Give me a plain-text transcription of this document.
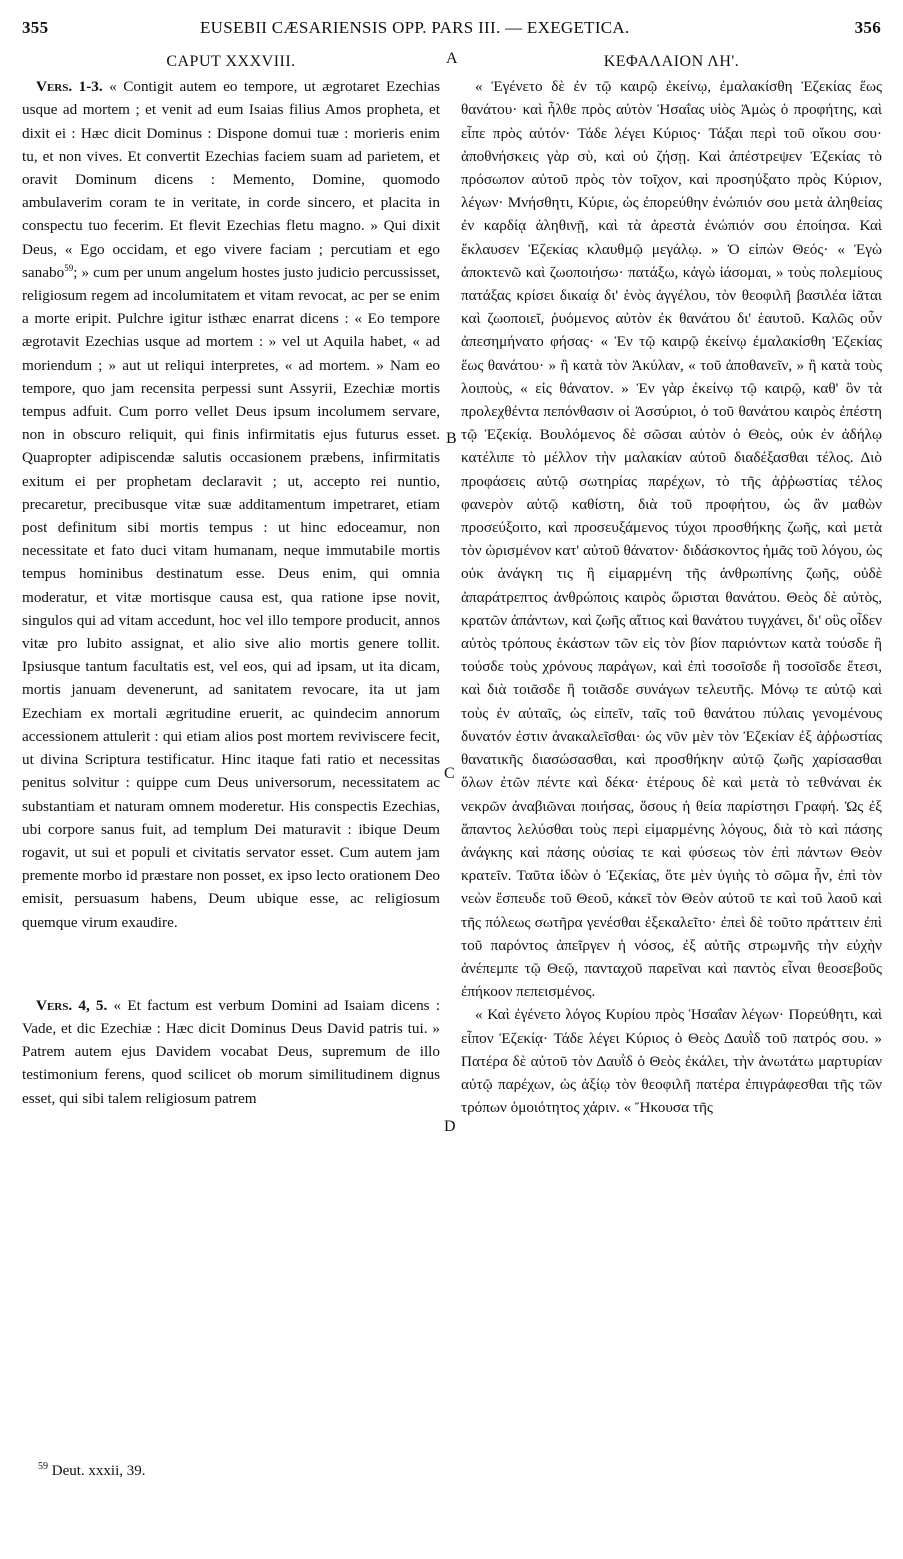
355	EUSEBII CÆSARIENSIS OPP. PARS III. — EXEGETICA.	356
CAPUT XXXVIII.

Vers. 1-3. « Contigit autem eo tempore, ut ægrotaret Ezechias usque ad mortem ; et venit ad eum Isaias filius Amos propheta, et dixit ei : Hæc dicit Dominus : Dispone domui tuæ : morieris enim tu, et non vives. Et convertit Ezechias faciem suam ad parietem, et oravit Dominum dicens : Memento, Domine, quomodo ambulaverim coram te in veritate, in corde sincero, et placita in conspectu tuo fecerim. Et flevit Ezechias fletu magno. » Qui dixit Deus, « Ego occidam, et ego vivere faciam ; percutiam et ego sanabo$^{59}$; » cum per unum angelum hostes justo judicio percussisset, religiosum regem ad incolumitatem et vitam revocat, ac per se enim a morte eripit. Pulchre igitur isthæc enarrat dicens : « Eo tempore ægrotavit Ezechias usque ad mortem : » vel ut Aquila habet, « ad moriendum ; » aut ut reliqui interpretes, « ad mortem. » Nam eo tempore, quo jam recensita perpessi sunt Assyrii, Ezechiæ mortis tempus adfuit. Cum porro vellet Deus ipsum incolumem servare, non in obscuro reliquit, qui finis infirmitatis ejus futurus esset. Quapropter adipiscendæ salutis occasionem præbens, infirmitatis exitum ei per prophetam declaravit ; ut, accepto rei nuntio, precaretur, precibusque vitæ suæ additamentum impetraret, etiam post definitum sibi mortis tempus : ut hinc edoceamur, non necessitate et fato duci vitam humanam, neque immutabile mortis tempus hominibus destinatum esse. Deus enim, qui omnia moderatur, et vitæ mortisque causa est, qua ratione ipse novit, singulos qui ad vitam accedunt, hoc vel illo tempore producit, annos vitæ pro lubito assignat, et alio sive alio mortis genere tollit. Ipsiusque tantum facultatis est, vel eos, qui ad ipsam, ut ita dicam, mortis januam devenerunt, ad sanitatem revocare, ita ut jam Ezechiam ex mortali ægritudine eruerit, ac quindecim annorum accessionem attulerit : qui etiam alios post mortem reviviscere fecit, ut divina Scriptura testificatur. Hinc itaque fati ratio et necessitas penitus solvitur : quippe cum Deus universorum, necessitatem ac substantiam et naturam omnem moderetur. His conspectis Ezechias, ubi corpore sanus fuit, ad templum Dei maturavit : ibique Deum rogavit, ut sui et populi et civitatis servator esset. Cum autem jam premente morbo id præstare non posset, ex ipso lecto orationem Deo emisit, persuasum habens, Deum ubique esse, ac religiosum quemque virum exaudire.

Vers. 4, 5. « Et factum est verbum Domini ad Isaiam dicens : Vade, et dic Ezechiæ : Hæc dicit Dominus Deus David patris tui. » Patrem autem ejus Davidem vocabat Deus, supremum de illo testimonium ferens, quod scilicet ob morum similitudinem dignus esset, qui sibi talem religiosum patrem

ΚΕΦΑΛΑΙΟΝ ΛΗ'.

« Ἐγένετο δὲ ἐν τῷ καιρῷ ἐκείνῳ, ἐμαλακίσθη Ἐζεκίας ἕως θανάτου· καὶ ἦλθε πρὸς αὐτὸν Ἡσαΐας υἱὸς Ἀμὼς ὁ προφήτης, καὶ εἶπε πρὸς αὐτόν· Τάδε λέγει Κύριος· Τάξαι περὶ τοῦ οἴκου σου· ἀποθνήσκεις γὰρ σὺ, καὶ οὐ ζήσῃ. Καὶ ἀπέστρεψεν Ἐζεκίας τὸ πρόσωπον αὐτοῦ πρὸς τὸν τοῖχον, καὶ προσηύξατο πρὸς Κύριον, λέγων· Μνήσθητι, Κύριε, ὡς ἐπορεύθην ἐνώπιόν σου μετὰ ἀληθείας ἐν καρδίᾳ ἀληθινῇ, καὶ τὰ ἀρεστὰ ἐνώπιόν σου ἐποίησα. Καὶ ἔκλαυσεν Ἐζεκίας κλαυθμῷ μεγάλῳ. » Ὁ εἰπὼν Θεός· « Ἐγὼ ἀποκτενῶ καὶ ζωοποιήσω· πατάξω, κἀγὼ ἰάσομαι, » τοὺς πολεμίους πατάξας κρίσει δικαίᾳ δι' ἑνὸς ἀγγέλου, τὸν θεοφιλῆ βασιλέα ἰᾶται καὶ ζωοποιεῖ, ῥυόμενος αὐτὸν ἐκ θανάτου δι' ἑαυτοῦ. Καλῶς οὖν ἀπεσημήνατο φήσας· « Ἐν τῷ καιρῷ ἐκείνῳ ἐμαλακίσθη Ἐζεκίας ἕως θανάτου· » ἢ κατὰ τὸν Ἀκύλαν, « τοῦ ἀποθανεῖν, » ἢ κατὰ τοὺς λοιποὺς, « εἰς θάνατον. » Ἐν γὰρ ἐκείνῳ τῷ καιρῷ, καθ' ὃν τὰ προλεχθέντα πεπόνθασιν οἱ Ἀσσύριοι, ὁ τοῦ θανάτου καιρὸς ἐπέστη τῷ Ἐζεκίᾳ. Βουλόμενος δὲ σῶσαι αὐτὸν ὁ Θεὸς, οὐκ ἐν ἀδήλῳ κατέλιπε τὸ μέλλον τὴν μαλακίαν αὐτοῦ διαδέξασθαι τέλος. Διὸ προφάσεις αὐτῷ σωτηρίας παρέχων, τὸ τῆς ἀῤῥωστίας τέλος φανερὸν αὐτῷ καθίστη, διὰ τοῦ προφήτου, ὡς ἂν μαθὼν προσεύξοιτο, καὶ προσευξάμενος τύχοι προσθήκης ζωῆς, καὶ μετὰ τὸν ὡρισμένον κατ' αὐτοῦ θάνατον· διδάσκοντος ἡμᾶς τοῦ λόγου, ὡς οὐκ ἀνάγκη τις ἢ εἱμαρμένη τῆς ἀνθρωπίνης ζωῆς, οὐδὲ ἀπαράτρεπτος ἀνθρώποις καιρὸς ὥρισται θανάτου. Θεὸς δὲ αὐτὸς, κρατῶν ἁπάντων, καὶ ζωῆς αἴτιος καὶ θανάτου τυγχάνει, δι' οὓς οἶδεν αὐτὸς τρόπους ἑκάστων τῶν εἰς τὸν βίον παριόντων κατὰ τούσδε ἢ τούσδε τοὺς χρόνους παράγων, καὶ ἐπὶ τοσοῖσδε ἢ τοσοῖσδε ἔτεσι, καὶ διὰ τοιᾶσδε ἢ τοιᾶσδε συνάγων τελευτῆς. Μόνῳ τε αὐτῷ καὶ τοὺς ἐν αὐταῖς, ὡς εἰπεῖν, ταῖς τοῦ θανάτου πύλαις γενομένους δυνατόν ἐστιν ἀνακαλεῖσθαι· ὡς νῦν μὲν τὸν Ἐζεκίαν ἐξ ἀῤῥωστίας θανατικῆς διασώσασθαι, καὶ προσθήκην αὐτῷ ζωῆς χαρίσασθαι ὅλων ἐτῶν πέντε καὶ δέκα· ἑτέρους δὲ καὶ μετὰ τὸ τεθνάναι ἐκ νεκρῶν ἀναβιῶναι ποιήσας, ὅσους ἡ θεία παρίστησι Γραφή. Ὡς ἐξ ἅπαντος λελύσθαι τοὺς περὶ εἱμαρμένης λόγους, διὰ τὸ καὶ πάσης ἀνάγκης καὶ πάσης οὐσίας τε καὶ φύσεως τὸν ἐπὶ πάντων Θεὸν κρατεῖν. Ταῦτα ἰδὼν ὁ Ἐζεκίας, ὅτε μὲν ὑγιὴς τὸ σῶμα ἦν, ἐπὶ τὸν νεὼν ἔσπευδε τοῦ Θεοῦ, κἀκεῖ τὸν Θεὸν αὐτοῦ τε καὶ τοῦ λαοῦ καὶ τῆς πόλεως σωτῆρα γενέσθαι ἐξεκαλεῖτο· ἐπεὶ δὲ τοῦτο πράττειν ἐπὶ τοῦ παρόντος ἀπεῖργεν ἡ νόσος, ἐξ αὐτῆς στρωμνῆς τὴν εὐχὴν ἀνέπεμπε τῷ Θεῷ, πανταχοῦ παρεῖναι καὶ παντὸς εἶναι θεοσεβοῦς ἐπήκοον πεπεισμένος.

« Καὶ ἐγένετο λόγος Κυρίου πρὸς Ἡσαΐαν λέγων· Πορεύθητι, καὶ εἶπον Ἐζεκίᾳ· Τάδε λέγει Κύριος ὁ Θεὸς Δαυῒδ τοῦ πατρός σου. » Πατέρα δὲ αὐτοῦ τὸν Δαυῒδ ὁ Θεὸς ἐκάλει, τὴν ἀνωτάτω μαρτυρίαν αὐτῷ παρέχων, ὡς ἀξίῳ τὸν θεοφιλῆ πατέρα ἐπιγράφεσθαι τῆς τῶν τρόπων ὁμοιότητος χάριν. « Ἤκουσα τῆς

A
B
C
D
$^{59}$ Deut. xxxii, 39.
